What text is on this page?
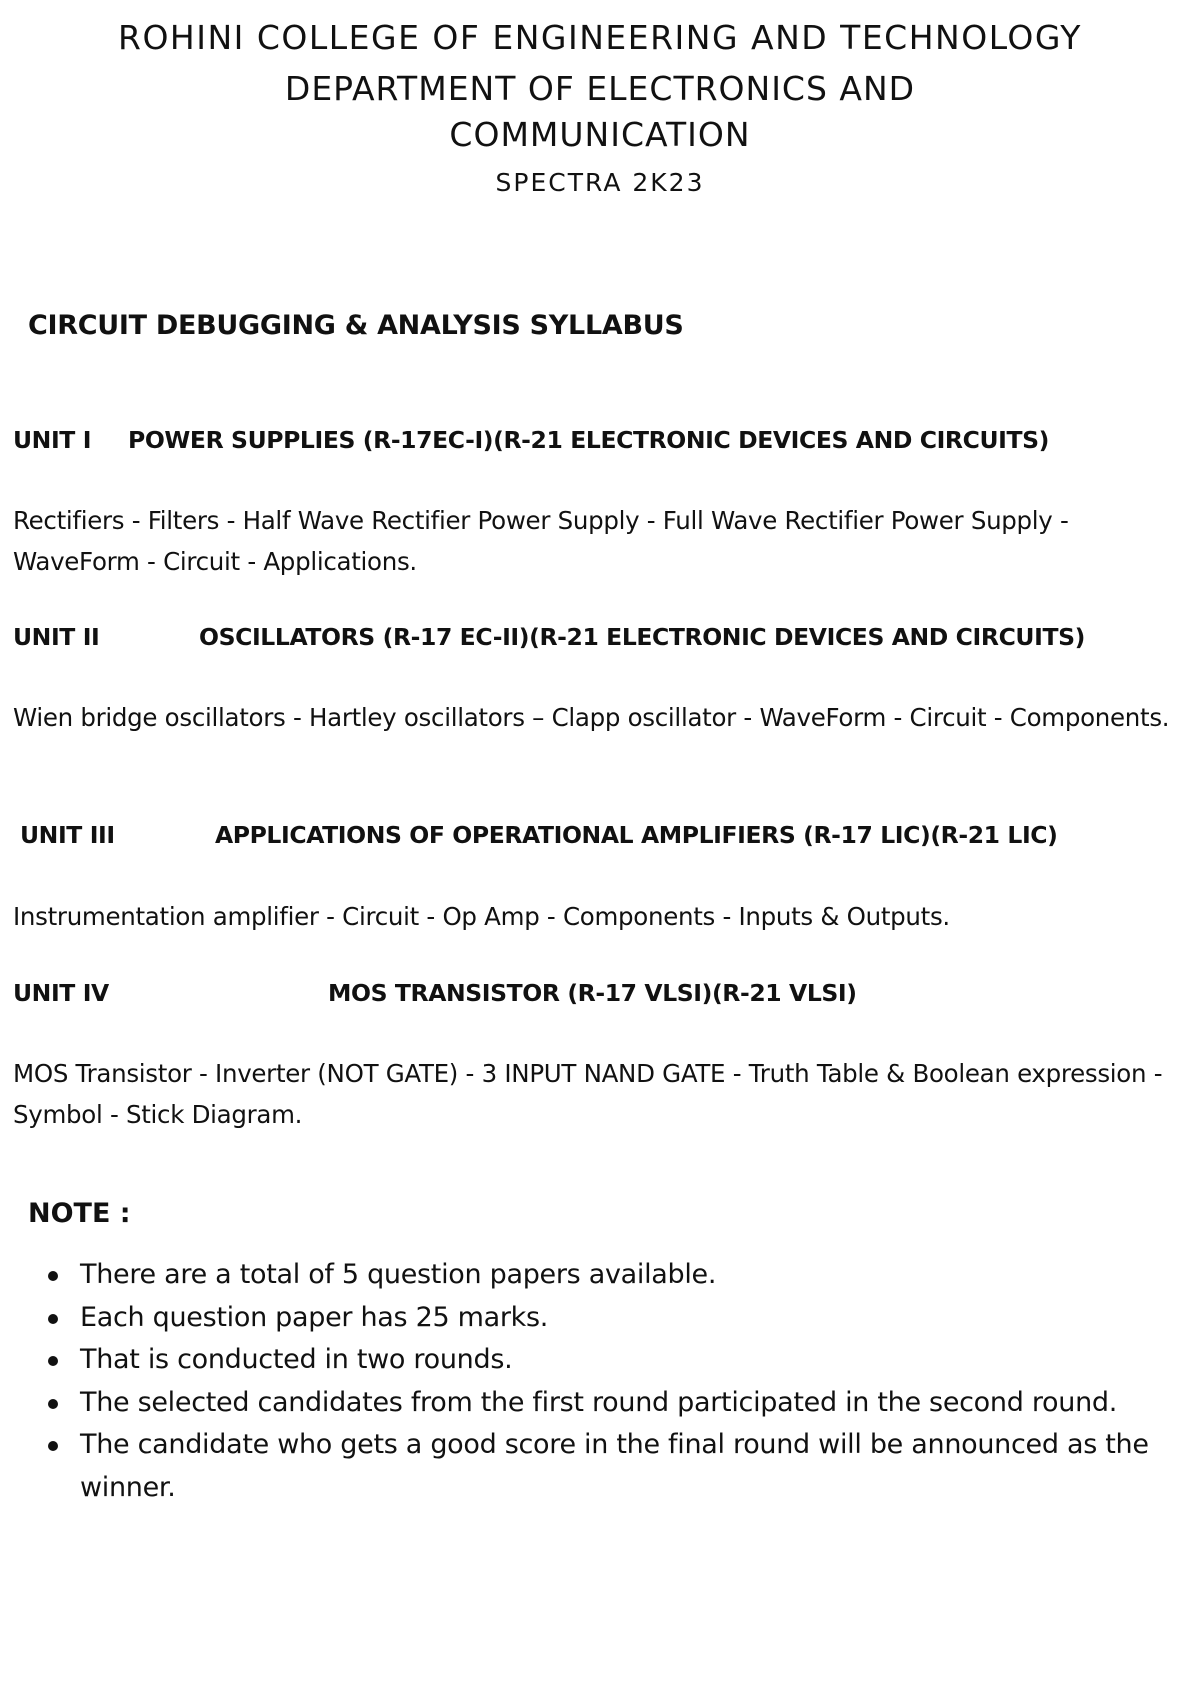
ROHINI COLLEGE OF ENGINEERING AND TECHNOLOGY
DEPARTMENT OF ELECTRONICS AND COMMUNICATION
SPECTRA 2K23
CIRCUIT DEBUGGING & ANALYSIS SYLLABUS
UNIT I POWER SUPPLIES (R-17EC-I)(R-21 ELECTRONIC DEVICES AND CIRCUITS)
Rectifiers - Filters - Half Wave Rectifier Power Supply - Full Wave Rectifier Power Supply - WaveForm - Circuit - Applications.
UNIT II	OSCILLATORS (R-17 EC-II)(R-21 ELECTRONIC DEVICES AND CIRCUITS)
Wien bridge oscillators - Hartley oscillators – Clapp oscillator - WaveForm - Circuit - Components.
UNIT III	APPLICATIONS OF OPERATIONAL AMPLIFIERS (R-17 LIC)(R-21 LIC)
Instrumentation amplifier - Circuit - Op Amp - Components - Inputs & Outputs.
UNIT IV	MOS TRANSISTOR (R-17 VLSI)(R-21 VLSI)
MOS Transistor - Inverter (NOT GATE) - 3 INPUT NAND GATE - Truth Table & Boolean expression - Symbol - Stick Diagram.
NOTE :
There are a total of 5 question papers available.
Each question paper has 25 marks.
That is conducted in two rounds.
The selected candidates from the first round participated in the second round.
The candidate who gets a good score in the final round will be announced as the winner.
